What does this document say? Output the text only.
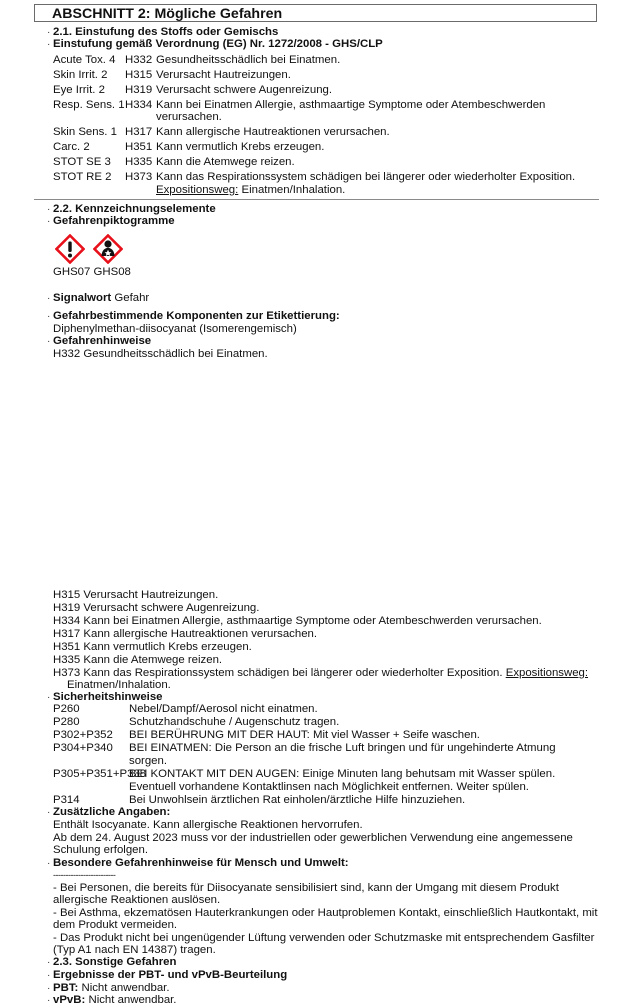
ABSCHNITT 2: Mögliche Gefahren
· 2.1. Einstufung des Stoffs oder Gemischs
· Einstufung gemäß Verordnung (EG) Nr. 1272/2008 - GHS/CLP
Acute Tox. 4 H332 Gesundheitsschädlich bei Einatmen.
Skin Irrit. 2 H315 Verursacht Hautreizungen.
Eye Irrit. 2 H319 Verursacht schwere Augenreizung.
Resp. Sens. 1 H334 Kann bei Einatmen Allergie, asthmaartige Symptome oder Atembeschwerden
verursachen.
Skin Sens. 1 H317 Kann allergische Hautreaktionen verursachen.
Carc. 2	H351 Kann vermutlich Krebs erzeugen.
STOT SE 3 H335 Kann die Atemwege reizen.
STOT RE 2 H373 Kann das Respirationssystem schädigen bei längerer oder wiederholter Exposition.
Expositionsweg: Einatmen/Inhalation.
· 2.2. Kennzeichnungselemente
· Gefahrenpiktogramme
GHS07 GHS08
· Signalwort Gefahr
· Gefahrbestimmende Komponenten zur Etikettierung:
Diphenylmethan-diisocyanat (Isomerengemisch)
· Gefahrenhinweise
H332 Gesundheitsschädlich bei Einatmen.
H315 Verursacht Hautreizungen.
H319 Verursacht schwere Augenreizung.
H334 Kann bei Einatmen Allergie, asthmaartige Symptome oder Atembeschwerden verursachen.
H317 Kann allergische Hautreaktionen verursachen.
H351 Kann vermutlich Krebs erzeugen.
H335 Kann die Atemwege reizen.
H373 Kann das Respirationssystem schädigen bei längerer oder wiederholter Exposition. Expositionsweg:
Einatmen/Inhalation.
· Sicherheitshinweise
P260	Nebel/Dampf/Aerosol nicht einatmen.
P280	Schutzhandschuhe / Augenschutz tragen.
P302+P352 BEI BERÜHRUNG MIT DER HAUT: Mit viel Wasser + Seife waschen.
P304+P340 BEI EINATMEN: Die Person an die frische Luft bringen und für ungehinderte Atmung
sorgen.
P305+P351+P338
BEI KONTAKT MIT DEN AUGEN: Einige Minuten lang behutsam mit Wasser spülen.
Eventuell vorhandene Kontaktlinsen nach Möglichkeit entfernen. Weiter spülen.
P314	Bei Unwohlsein ärztlichen Rat einholen/ärztliche Hilfe hinzuziehen.
· Zusätzliche Angaben:
Enthält Isocyanate. Kann allergische Reaktionen hervorrufen.
Ab dem 24. August 2023 muss vor der industriellen oder gewerblichen Verwendung eine angemessene
Schulung erfolgen.
· Besondere Gefahrenhinweise für Mensch und Umwelt:
-------------------------
- Bei Personen, die bereits für Diisocyanate sensibilisiert sind, kann der Umgang mit diesem Produkt
allergische Reaktionen auslösen.
- Bei Asthma, ekzematösen Hauterkrankungen oder Hautproblemen Kontakt, einschließlich Hautkontakt, mit
dem Produkt vermeiden.
- Das Produkt nicht bei ungenügender Lüftung verwenden oder Schutzmaske mit entsprechendem Gasfilter
(Typ A1 nach EN 14387) tragen.
· 2.3. Sonstige Gefahren
· Ergebnisse der PBT- und vPvB-Beurteilung
· PBT: Nicht anwendbar.
· vPvB: Nicht anwendbar.
